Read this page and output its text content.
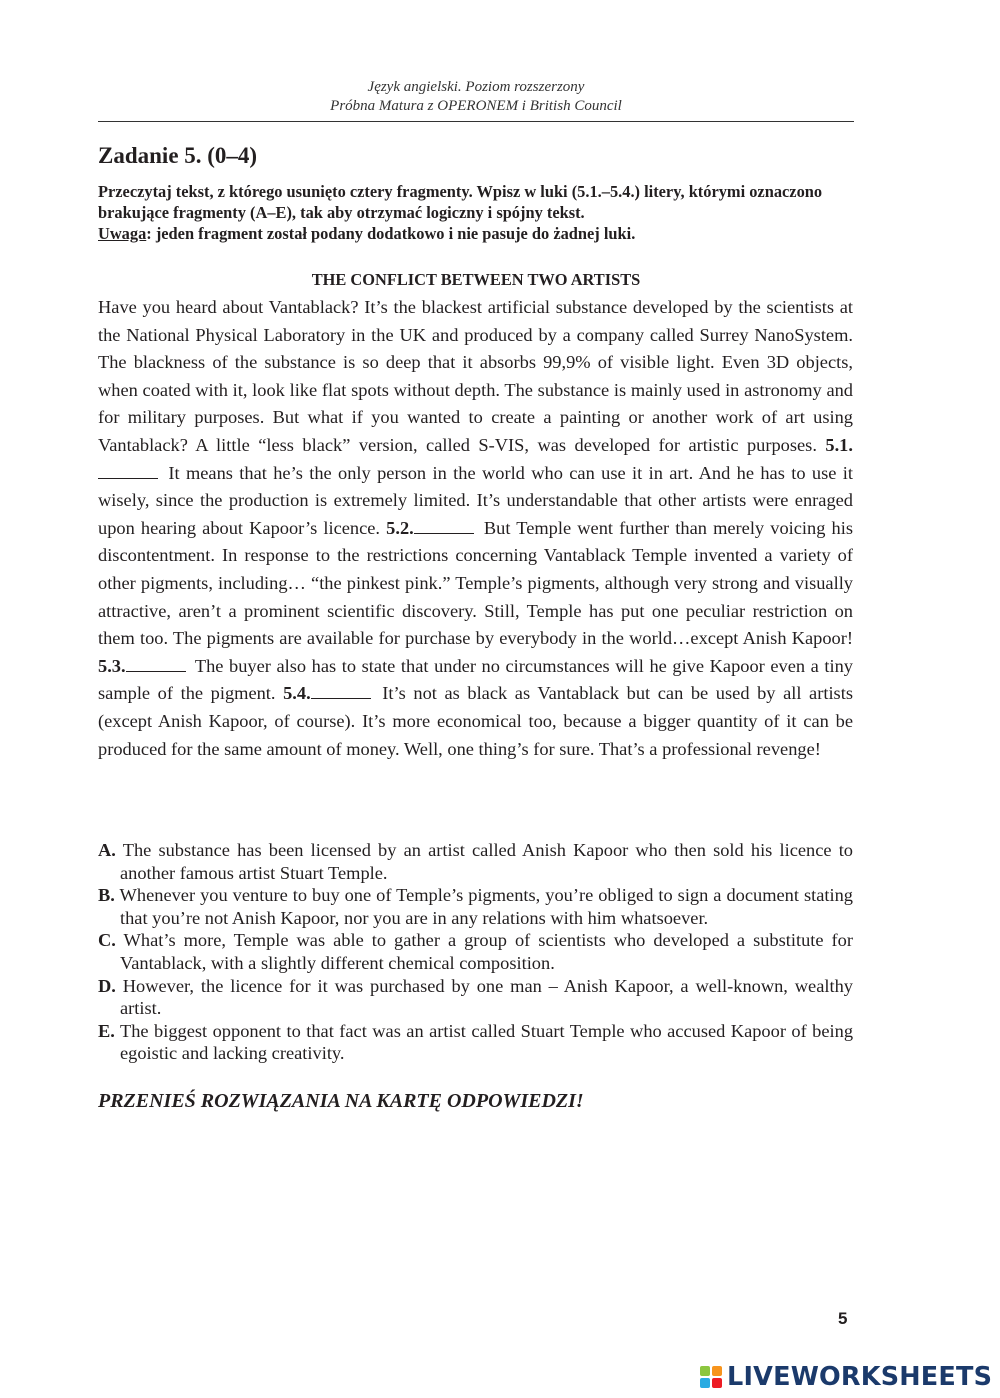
Język angielski. Poziom rozszerzony
Próbna Matura z OPERONEM i British Council
Zadanie 5. (0–4)
Przeczytaj tekst, z którego usunięto cztery fragmenty. Wpisz w luki (5.1.–5.4.) litery, którymi oznaczono brakujące fragmenty (A–E), tak aby otrzymać logiczny i spójny tekst.
Uwaga: jeden fragment został podany dodatkowo i nie pasuje do żadnej luki.
THE CONFLICT BETWEEN TWO ARTISTS
Have you heard about Vantablack? It’s the blackest artificial substance developed by the scientists at the National Physical Laboratory in the UK and produced by a company called Surrey NanoSystem. The blackness of the substance is so deep that it absorbs 99,9% of visible light. Even 3D objects, when coated with it, look like flat spots without depth. The substance is mainly used in astronomy and for military purposes. But what if you wanted to create a painting or another work of art using Vantablack? A little “less black” version, called S-VIS, was developed for artistic purposes. 5.1. It means that he’s the only person in the world who can use it in art. And he has to use it wisely, since the production is extremely limited. It’s understandable that other artists were enraged upon hearing about Kapoor’s licence. 5.2.	But Temple went further than merely voicing his discontentment. In response to the restrictions concerning Vantablack Temple invented a variety of other pigments, including… “the pinkest pink.” Temple’s pigments, although very strong and visually attractive, aren’t a prominent scientific discovery. Still, Temple has put one peculiar restriction on them too. The pigments are available for purchase by everybody in the world…except Anish Kapoor! 5.3.	The buyer also has to state that under no circumstances will he give Kapoor even a tiny sample of the pigment. 5.4.	It’s not as black as Vantablack but can be used by all artists (except Anish Kapoor, of course). It’s more economical too, because a bigger quantity of it can be produced for the same amount of money. Well, one thing’s for sure. That’s a professional revenge!

A. The substance has been licensed by an artist called Anish Kapoor who then sold his licence to another famous artist Stuart Temple.

B. Whenever you venture to buy one of Temple’s pigments, you’re obliged to sign a document stating that you’re not Anish Kapoor, nor you are in any relations with him whatsoever.

C. What’s more, Temple was able to gather a group of scientists who developed a substitute for Vantablack, with a slightly different chemical composition.

D. However, the licence for it was purchased by one man – Anish Kapoor, a well-known, wealthy artist.

E. The biggest opponent to that fact was an artist called Stuart Temple who accused Kapoor of being egoistic and lacking creativity.

PRZENIEŚ ROZWIĄZANIA NA KARTĘ ODPOWIEDZI!
5
LIVEWORKSHEETS
